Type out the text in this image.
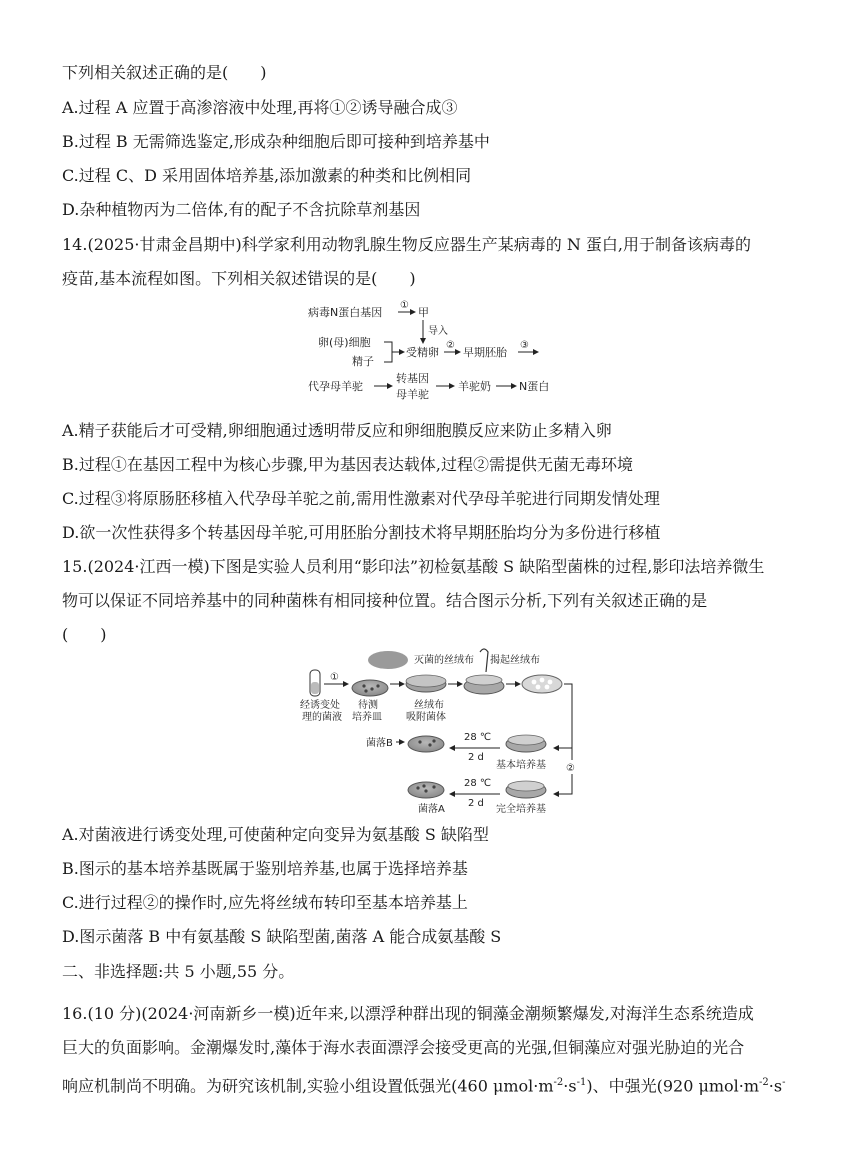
下列相关叙述正确的是(　　)
A.过程 A 应置于高渗溶液中处理,再将①②诱导融合成③
B.过程 B 无需筛选鉴定,形成杂种细胞后即可接种到培养基中
C.过程 C、D 采用固体培养基,添加激素的种类和比例相同
D.杂种植物丙为二倍体,有的配子不含抗除草剂基因
14.(2025·甘肃金昌期中)科学家利用动物乳腺生物反应器生产某病毒的 N 蛋白,用于制备该病毒的
疫苗,基本流程如图。下列相关叙述错误的是(　　)
病毒N蛋白基因
①
甲
导入
卵(母)细胞
精子
受精卵
②
早期胚胎
③
代孕母羊驼
转基因
母羊驼
羊驼奶	N蛋白
A.精子获能后才可受精,卵细胞通过透明带反应和卵细胞膜反应来防止多精入卵
B.过程①在基因工程中为核心步骤,甲为基因表达载体,过程②需提供无菌无毒环境
C.过程③将原肠胚移植入代孕母羊驼之前,需用性激素对代孕母羊驼进行同期发情处理
D.欲一次性获得多个转基因母羊驼,可用胚胎分割技术将早期胚胎均分为多份进行移植
15.(2024·江西一模)下图是实验人员利用“影印法”初检氨基酸 S 缺陷型菌株的过程,影印法培养微生
物可以保证不同培养基中的同种菌株有相同接种位置。结合图示分析,下列有关叙述正确的是
(　　)
灭菌的丝绒布 揭起丝绒布
①
经诱变处
理的菌液
待测
培养皿
丝绒布
吸附菌体
②
菌落B
28 ℃
2 d
基本培养基
28 ℃
2 d
菌落A	完全培养基
A.对菌液进行诱变处理,可使菌种定向变异为氨基酸 S 缺陷型
B.图示的基本培养基既属于鉴别培养基,也属于选择培养基
C.进行过程②的操作时,应先将丝绒布转印至基本培养基上
D.图示菌落 B 中有氨基酸 S 缺陷型菌,菌落 A 能合成氨基酸 S
二、非选择题:共 5 小题,55 分。
16.(10 分)(2024·河南新乡一模)近年来,以漂浮种群出现的铜藻金潮频繁爆发,对海洋生态系统造成
巨大的负面影响。金潮爆发时,藻体于海水表面漂浮会接受更高的光强,但铜藻应对强光胁迫的光合
响应机制尚不明确。为研究该机制,实验小组设置低强光(460 $\mu mol\cdot m^{-2}\cdot s^{-1}$)、中强光(920 $\mu mol\cdot m^{-2}\cdot s^-$
